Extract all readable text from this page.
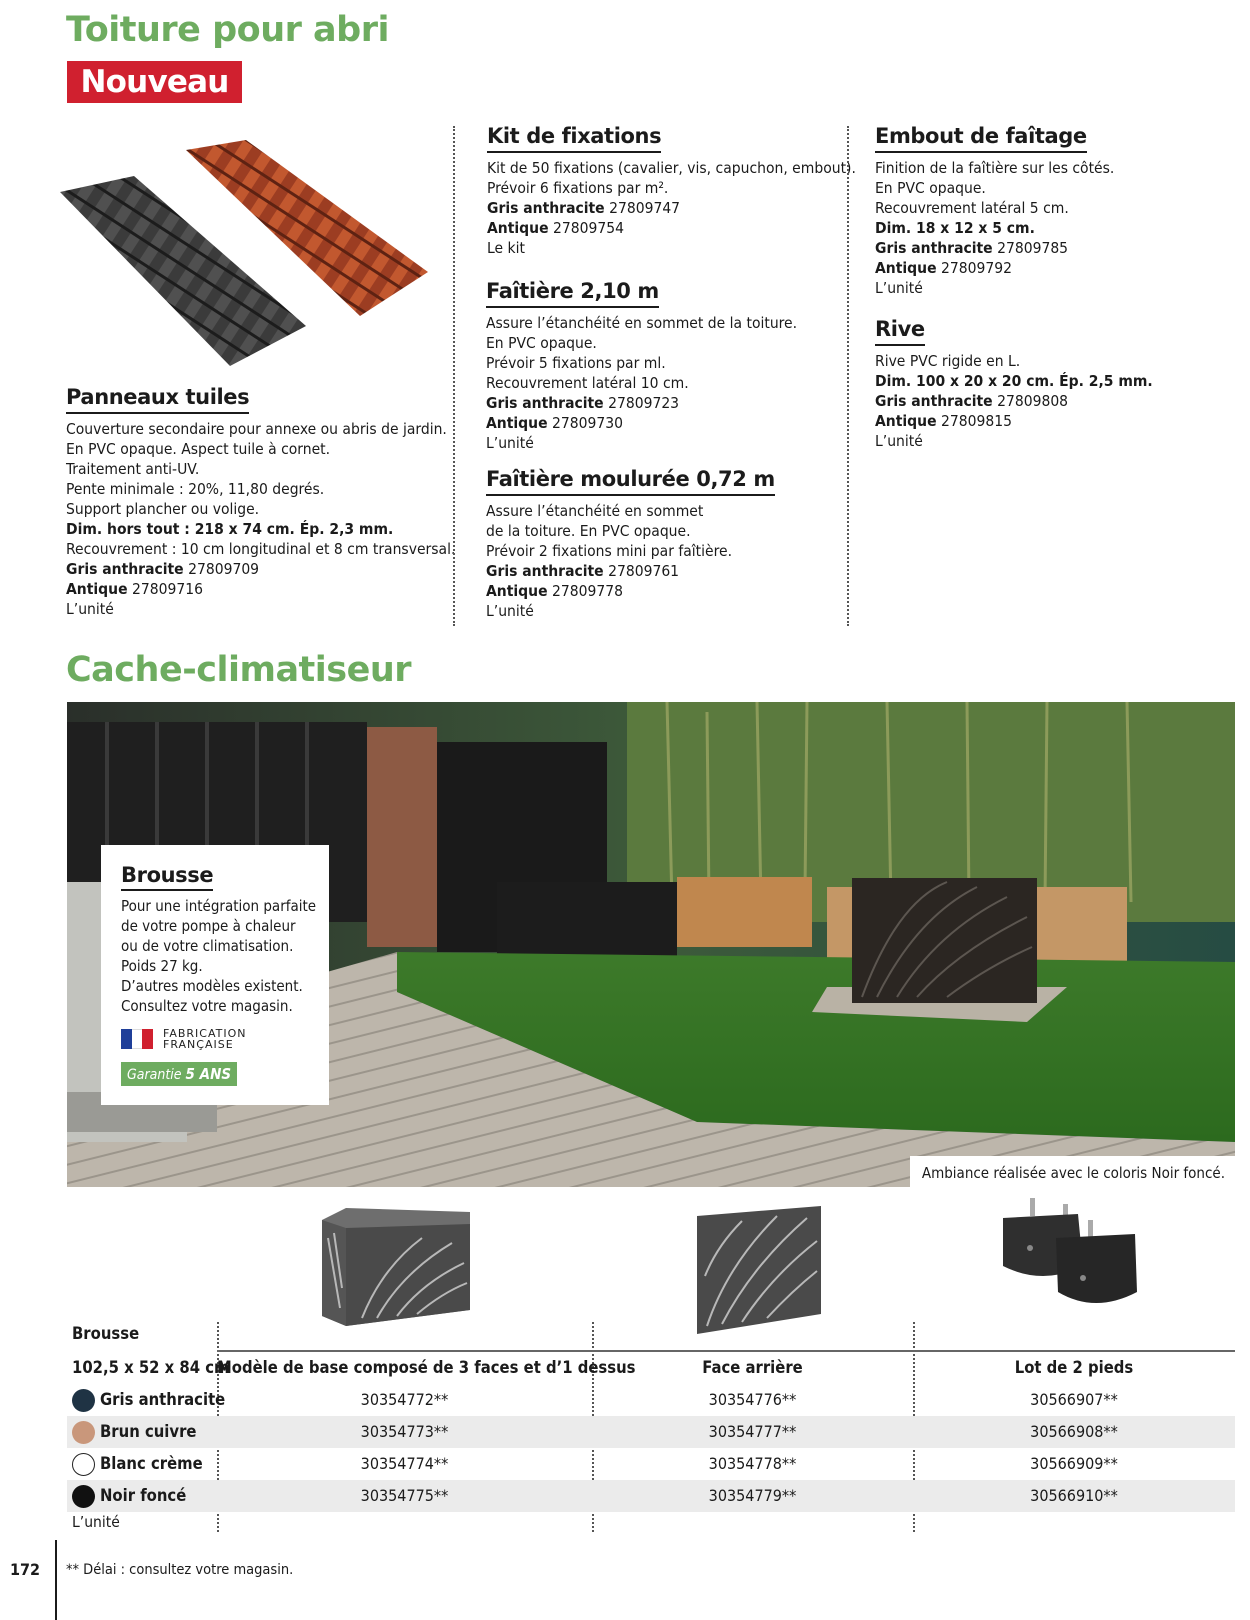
Toiture pour abri
Nouveau
Panneaux tuiles
Couverture secondaire pour annexe ou abris de jardin.
En PVC opaque. Aspect tuile à cornet.
Traitement anti-UV.
Pente minimale : 20%, 11,80 degrés.
Support plancher ou volige.
Dim. hors tout : 218 x 74 cm. Ép. 2,3 mm.
Recouvrement : 10 cm longitudinal et 8 cm transversal.
Gris anthracite 27809709
Antique 27809716
L’unité
Kit de fixations
Kit de 50 fixations (cavalier, vis, capuchon, embout).
Prévoir 6 fixations par m².
Gris anthracite 27809747
Antique 27809754
Le kit
Faîtière 2,10 m
Assure l’étanchéité en sommet de la toiture.
En PVC opaque.
Prévoir 5 fixations par ml.
Recouvrement latéral 10 cm.
Gris anthracite 27809723
Antique 27809730
L’unité
Faîtière moulurée 0,72 m
Assure l’étanchéité en sommet
de la toiture. En PVC opaque.
Prévoir 2 fixations mini par faîtière.
Gris anthracite 27809761
Antique 27809778
L’unité
Embout de faîtage
Finition de la faîtière sur les côtés.
En PVC opaque.
Recouvrement latéral 5 cm.
Dim. 18 x 12 x 5 cm.
Gris anthracite 27809785
Antique 27809792
L’unité
Rive
Rive PVC rigide en L.
Dim. 100 x 20 x 20 cm. Ép. 2,5 mm.
Gris anthracite 27809808
Antique 27809815
L’unité
Cache-climatiseur
Ambiance réalisée avec le coloris Noir foncé.
Brousse
Pour une intégration parfaite
de votre pompe à chaleur
ou de votre climatisation.
Poids 27 kg.
D’autres modèles existent.
Consultez votre magasin.
FABRICATION
FRANÇAISE
Garantie 5 ANS
Brousse
102,5 x 52 x 84 cm
Modèle de base composé de 3 faces et d’1 dessus	Face arrière	Lot de 2 pieds
Gris anthracite	30354772**	30354776**	30566907**
Brun cuivre	30354773**	30354777**	30566908**
Blanc crème	30354774**	30354778**	30566909**
Noir foncé	30354775**	30354779**	30566910**
L’unité
172 ** Délai : consultez votre magasin.
